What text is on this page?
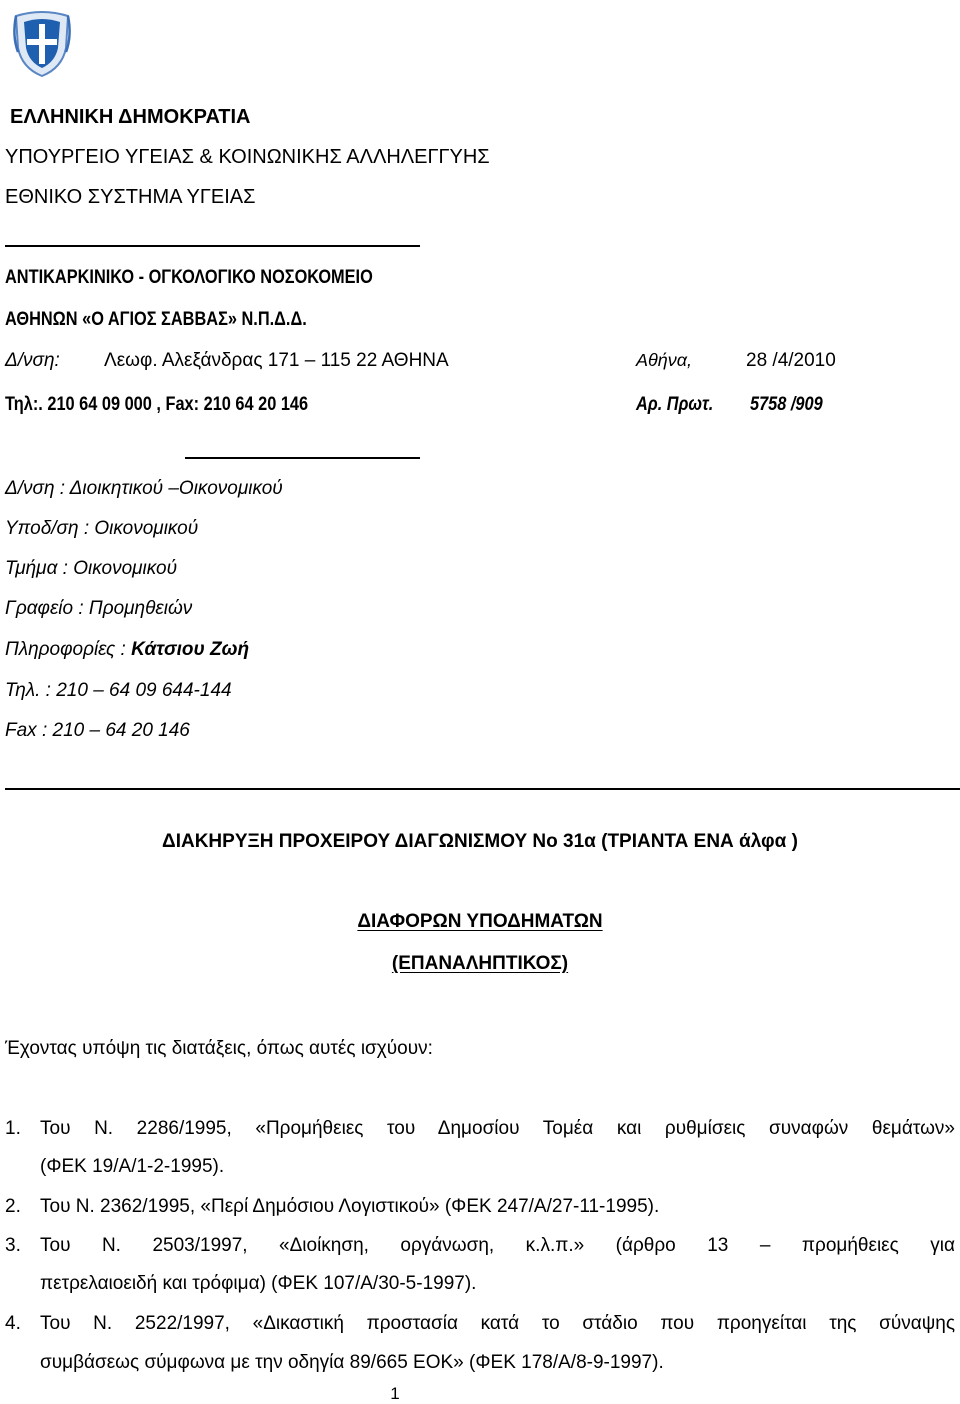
ΕΛΛΗΝΙΚΗ ΔΗΜΟΚΡΑΤΙΑ
ΥΠΟΥΡΓΕΙΟ ΥΓΕΙΑΣ & ΚΟΙΝΩΝΙΚΗΣ ΑΛΛΗΛΕΓΓΥΗΣ
ΕΘΝΙΚΟ ΣΥΣΤΗΜΑ ΥΓΕΙΑΣ
ΑΝΤΙΚΑΡΚΙΝΙΚΟ - ΟΓΚΟΛΟΓΙΚΟ ΝΟΣΟΚΟΜΕΙΟ
ΑΘΗΝΩΝ «Ο ΑΓΙΟΣ ΣΑΒΒΑΣ» Ν.Π.Δ.Δ.
Δ/νση: Λεωφ. Αλεξάνδρας 171 – 115 22 ΑΘΗΝΑ	Αθήνα,	28 /4/2010
Τηλ:. 210 64 09 000 , Fax: 210 64 20 146	Αρ. Πρωτ. 5758 /909
Δ/νση : Διοικητικού –Οικονομικού
Υποδ/ση : Οικονομικού
Τμήμα : Οικονομικού
Γραφείο : Προμηθειών
Πληροφορίες : Κάτσιου Ζωή
Τηλ. : 210 – 64 09 644-144
Fax : 210 – 64 20 146
ΔΙΑΚΗΡΥΞΗ ΠΡΟΧΕΙΡΟΥ ΔΙΑΓΩΝΙΣΜΟΥ Νο 31α (ΤΡΙΑΝΤΑ ΕΝΑ άλφα )
ΔΙΑΦΟΡΩΝ ΥΠΟΔΗΜΑΤΩΝ
(ΕΠΑΝΑΛΗΠΤΙΚΟΣ)
Έχοντας υπόψη τις διατάξεις, όπως αυτές ισχύουν:
1. Του Ν. 2286/1995, «Προμήθειες του Δημοσίου Τομέα και ρυθμίσεις συναφών θεμάτων»
(ΦΕΚ 19/Α/1-2-1995).
2. Του Ν. 2362/1995, «Περί Δημόσιου Λογιστικού» (ΦΕΚ 247/Α/27-11-1995).
3. Του Ν. 2503/1997, «Διοίκηση, οργάνωση, κ.λ.π.» (άρθρο 13 – προμήθειες για
πετρελαιοειδή και τρόφιμα) (ΦΕΚ 107/Α/30-5-1997).
4. Του Ν. 2522/1997, «Δικαστική προστασία κατά το στάδιο που προηγείται της σύναψης
συμβάσεως σύμφωνα με την οδηγία 89/665 ΕΟΚ» (ΦΕΚ 178/Α/8-9-1997).
1
